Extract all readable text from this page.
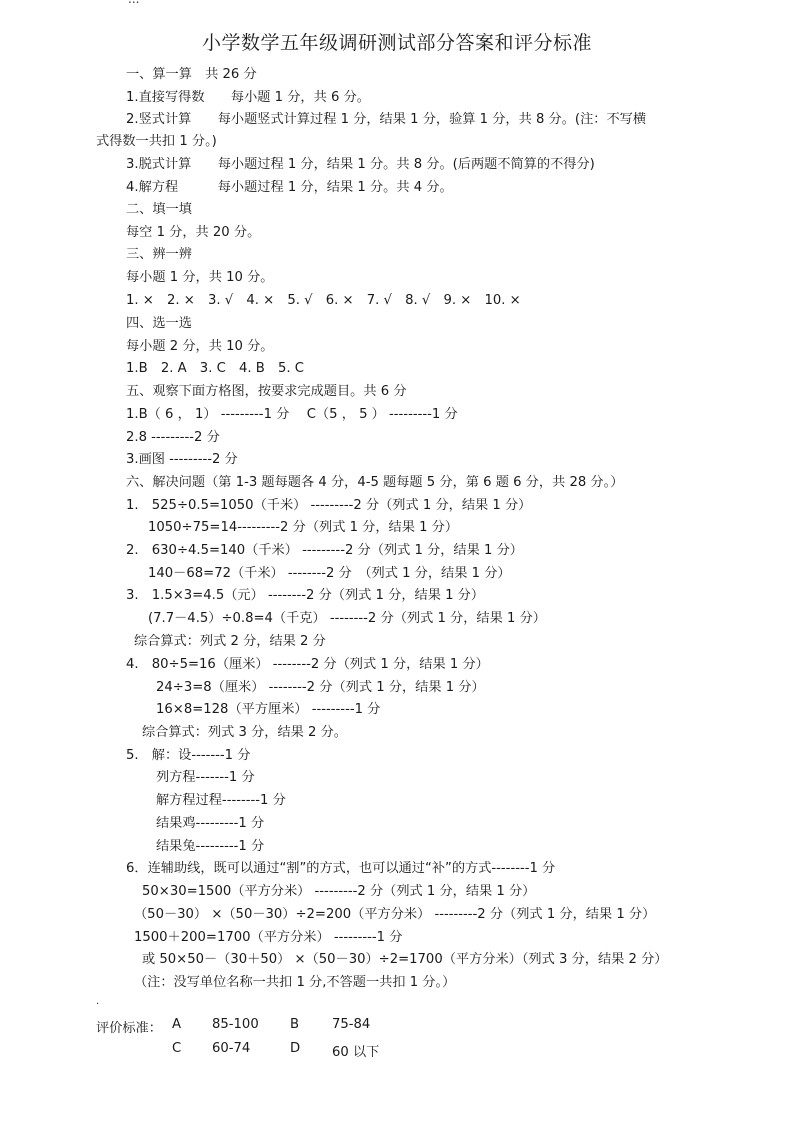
小学数学五年级调研测试部分答案和评分标准
一、算一算　共 26 分
1.直接写得数　　每小题 1 分，共 6 分。
2.竖式计算　　每小题竖式计算过程 1 分，结果 1 分，验算 1 分，共 8 分。(注：不写横
式得数一共扣 1 分。)
3.脱式计算　　每小题过程 1 分，结果 1 分。共 8 分。(后两题不简算的不得分)
4.解方程　　　每小题过程 1 分，结果 1 分。共 4 分。
二、填一填
每空 1 分，共 20 分。
三、辨一辨
每小题 1 分，共 10 分。
1. ×　2. ×　3. √　4. ×　5. √　6. ×　7. √　8. √　9. ×　10. ×
四、选一选
每小题 2 分，共 10 分。
1.B　2. A　3. C　4. B　5. C
五、观察下面方格图，按要求完成题目。共 6 分
1.B（ 6 ， 1） ---------1 分　 C（5 ， 5 ） ---------1 分
2.8 ---------2 分
3.画图 ---------2 分
六、解决问题（第 1-3 题每题各 4 分，4-5 题每题 5 分，第 6 题 6 分，共 28 分。）
1.　525÷0.5=1050（千米） ---------2 分（列式 1 分，结果 1 分）
1050÷75=14---------2 分（列式 1 分，结果 1 分）
2.　630÷4.5=140（千米） ---------2 分（列式 1 分，结果 1 分）
140－68=72（千米） --------2 分　（列式 1 分，结果 1 分）
3.　1.5×3=4.5（元） --------2 分（列式 1 分，结果 1 分）
(7.7－4.5）÷0.8=4（千克） --------2 分（列式 1 分，结果 1 分）
综合算式：列式 2 分，结果 2 分
4.　80÷5=16（厘米） --------2 分（列式 1 分，结果 1 分）
24÷3=8（厘米） --------2 分（列式 1 分，结果 1 分）
16×8=128（平方厘米） ---------1 分
综合算式：列式 3 分，结果 2 分。
5.　解：设-------1 分
列方程-------1 分
解方程过程--------1 分
结果鸡---------1 分
结果兔---------1 分
6．连辅助线，既可以通过“割”的方式，也可以通过“补”的方式--------1 分
50×30=1500（平方分米） ---------2 分（列式 1 分，结果 1 分）
（50－30） ×（50－30）÷2=200（平方分米） ---------2 分（列式 1 分，结果 1 分）
1500＋200=1700（平方分米） ---------1 分
或 50×50－（30＋50） ×（50－30）÷2=1700（平方分米）（列式 3 分，结果 2 分）
（注：没写单位名称一共扣 1 分,不答题一共扣 1 分。）
.
评价标准： A 85-100 B 75-84
C 60-74	D 60 以下
